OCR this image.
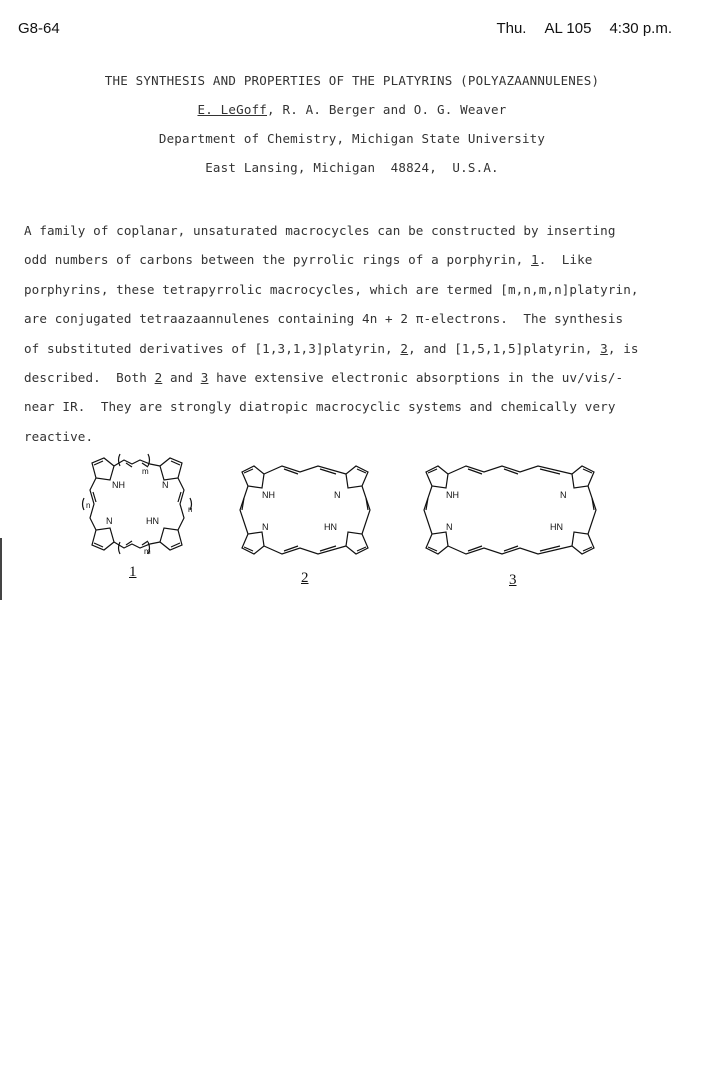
G8-64	Thu. AL 105 4:30 p.m.
THE SYNTHESIS AND PROPERTIES OF THE PLATYRINS (POLYAZAANNULENES)
E. LeGoff, R. A. Berger and O. G. Weaver
Department of Chemistry, Michigan State University
East Lansing, Michigan  48824,  U.S.A.
A family of coplanar, unsaturated macrocycles can be constructed by inserting
odd numbers of carbons between the pyrrolic rings of a porphyrin, 1.  Like
porphyrins, these tetrapyrrolic macrocycles, which are termed [m,n,m,n]platyrin,
are conjugated tetraazaannulenes containing 4n + 2 π-electrons.  The synthesis
of substituted derivatives of [1,3,1,3]platyrin, 2, and [1,5,1,5]platyrin, 3, is
described.  Both 2 and 3 have extensive electronic absorptions in the uv/vis/-
near IR.  They are strongly diatropic macrocyclic systems and chemically very
reactive.
NH
N	HN
N
m
n	n
m
1
NH	N
N	HN
2
NH	N
N	HN
3
